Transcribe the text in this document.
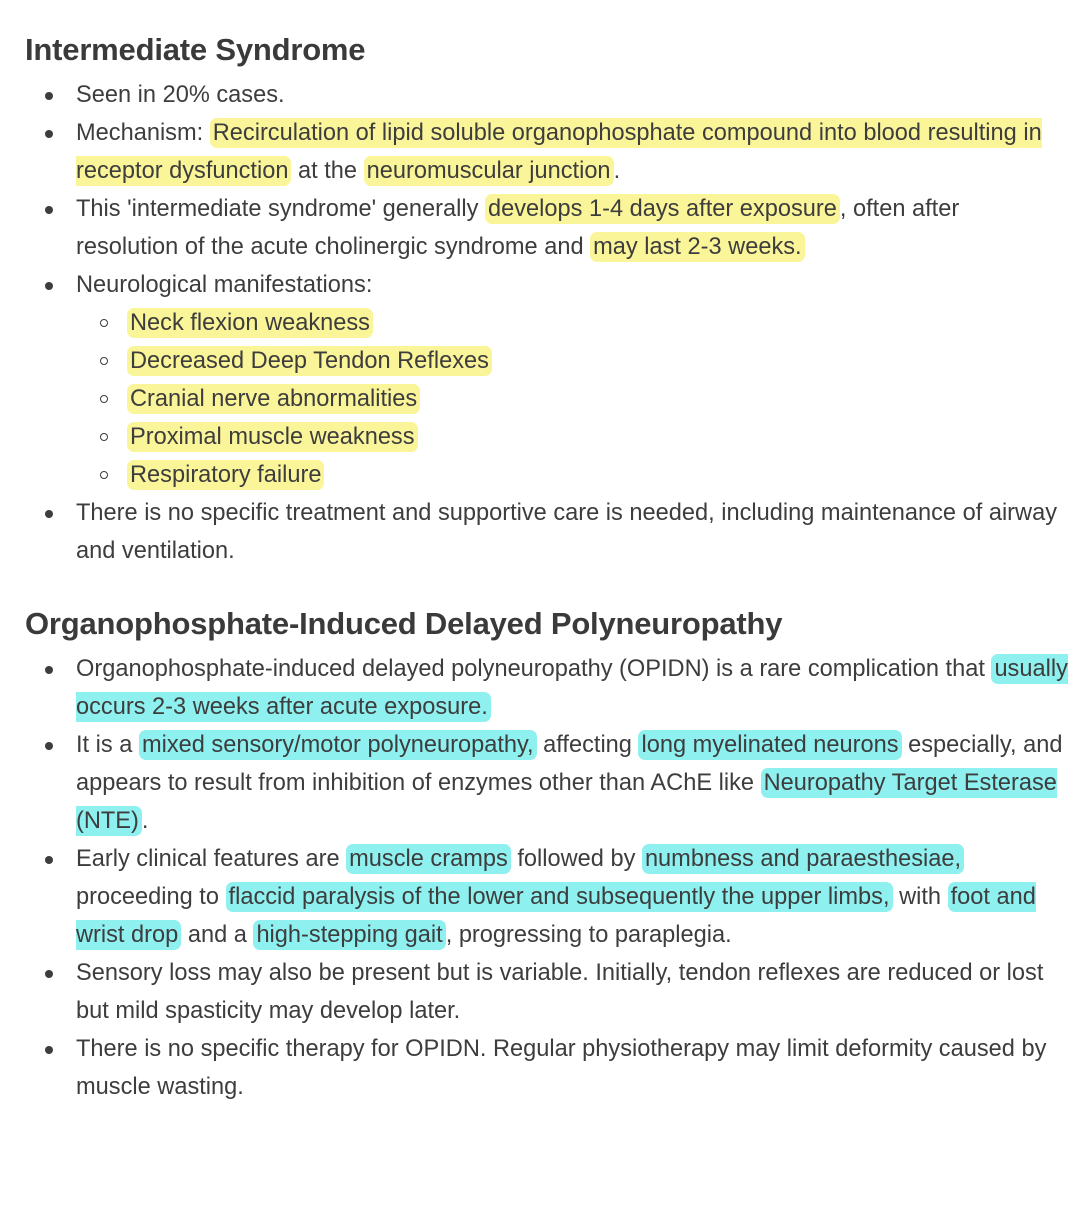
Intermediate Syndrome
Seen in 20% cases.
Mechanism: Recirculation of lipid soluble organophosphate compound into blood resulting in receptor dysfunction at the neuromuscular junction .
This 'intermediate syndrome' generally develops 1-4 days after exposure , often after resolution of the acute cholinergic syndrome and may last 2-3 weeks.
Neurological manifestations:
Neck flexion weakness
Decreased Deep Tendon Reflexes
Cranial nerve abnormalities
Proximal muscle weakness
Respiratory failure
There is no specific treatment and supportive care is needed, including maintenance of airway and ventilation.
Organophosphate-Induced Delayed Polyneuropathy
Organophosphate-induced delayed polyneuropathy (OPIDN) is a rare complication that usually occurs 2-3 weeks after acute exposure.
It is a mixed sensory/motor polyneuropathy, affecting long myelinated neurons especially, and appears to result from inhibition of enzymes other than AChE like Neuropathy Target Esterase (NTE) .
Early clinical features are muscle cramps followed by numbness and paraesthesiae, proceeding to flaccid paralysis of the lower and subsequently the upper limbs, with foot and wrist drop and a high-stepping gait , progressing to paraplegia.
Sensory loss may also be present but is variable. Initially, tendon reflexes are reduced or lost but mild spasticity may develop later.
There is no specific therapy for OPIDN. Regular physiotherapy may limit deformity caused by muscle wasting.
